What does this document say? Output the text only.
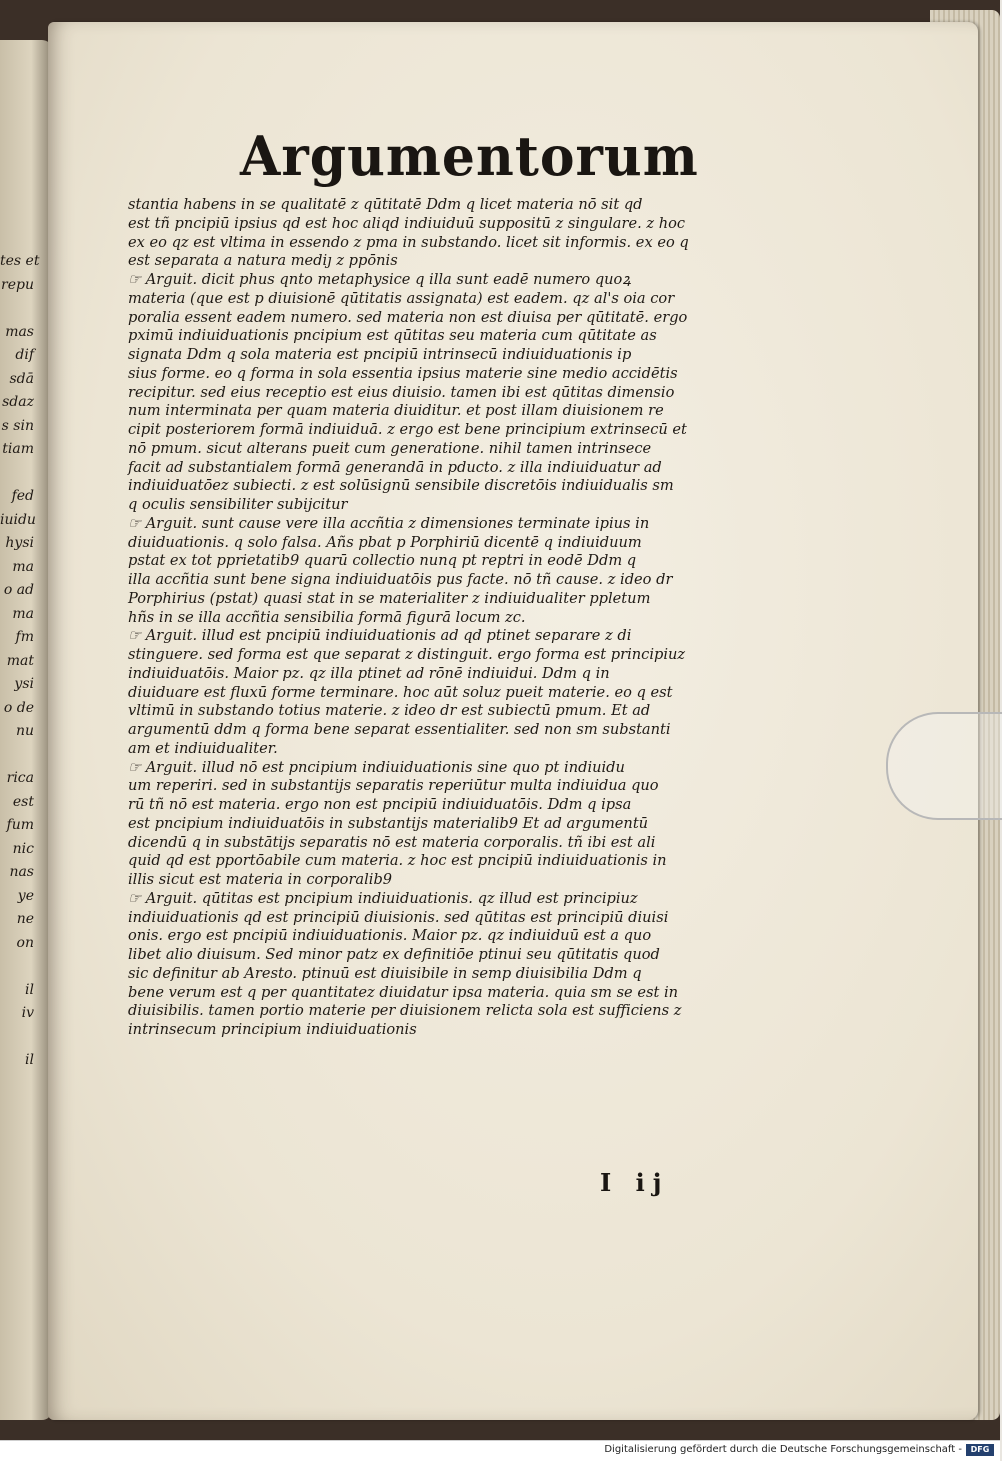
tes et
repu

mas
dif
sdā
sdaz
s sin
tiam

fed
iuidu
hysi
ma
o ad
ma
fm
mat
ysi
o de
nu

rica
est
fum
nic
nas
ye
ne
on

il
iv

il

Argumentorum
stantia habens in se qualitatē z qūtitatē Ddm q licet materia nō sit qd
est tñ pncipiū ipsius qd est hoc aliqd indiuiduū suppositū z singulare. z hoc
ex eo qz est vltima in essendo z pma in substando. licet sit informis. ex eo q
est separata a natura mediȷ z ppōnis
☞ Arguit. dicit phus qnto metaphysice q illa sunt eadē numero quoꝝ
materia (que est p diuisionē qūtitatis assignata) est eadem. qz al's oia cor
poralia essent eadem numero. sed materia non est diuisa per qūtitatē. ergo
pximū indiuiduationis pncipium est qūtitas seu materia cum qūtitate as
signata Ddm q sola materia est pncipiū intrinsecū indiuiduationis ip
sius forme. eo q forma in sola essentia ipsius materie sine medio accidētis
recipitur. sed eius receptio est eius diuisio. tamen ibi est qūtitas dimensio
num interminata per quam materia diuiditur. et post illam diuisionem re
cipit posteriorem formā indiuiduā. z ergo est bene principium extrinsecū et
nō pmum. sicut alterans pueit cum generatione. nihil tamen intrinsece
facit ad substantialem formā generandā in pducto. z illa indiuiduatur ad
indiuiduatōez subiecti. z est solūsignū sensibile discretōis indiuidualis sm
q oculis sensibiliter subijcitur
☞ Arguit. sunt cause vere illa accñtia z dimensiones terminate ipius in
diuiduationis. q solo falsa. Añs pbat p Porphiriū dicentē q indiuiduum
pstat ex tot pprietatib9 quarū collectio nunq pt reptri in eodē Ddm q
illa accñtia sunt bene signa indiuiduatōis pus facte. nō tñ cause. z ideo dr
Porphirius (pstat) quasi stat in se materialiter z indiuidualiter ppletum
hñs in se illa accñtia sensibilia formā figurā locum zc.
☞ Arguit. illud est pncipiū indiuiduationis ad qd ptinet separare z di
stinguere. sed forma est que separat z distinguit. ergo forma est principiuz
indiuiduatōis. Maior pz. qz illa ptinet ad rōnē indiuidui. Ddm q in
diuiduare est fluxū forme terminare. hoc aūt soluz pueit materie. eo q est
vltimū in substando totius materie. z ideo dr est subiectū pmum. Et ad
argumentū ddm q forma bene separat essentialiter. sed non sm substanti
am et indiuidualiter.
☞ Arguit. illud nō est pncipium indiuiduationis sine quo pt indiuidu
um reperiri. sed in substantijs separatis reperiūtur multa indiuidua quo
rū tñ nō est materia. ergo non est pncipiū indiuiduatōis. Ddm q ipsa
est pncipium indiuiduatōis in substantijs materialib9 Et ad argumentū
dicendū q in substātijs separatis nō est materia corporalis. tñ ibi est ali
quid qd est pportōabile cum materia. z hoc est pncipiū indiuiduationis in
illis sicut est materia in corporalib9
☞ Arguit. qūtitas est pncipium indiuiduationis. qz illud est principiuz
indiuiduationis qd est principiū diuisionis. sed qūtitas est principiū diuisi
onis. ergo est pncipiū indiuiduationis. Maior pz. qz indiuiduū est a quo
libet alio diuisum. Sed minor patz ex definitiōe ptinui seu qūtitatis quod
sic definitur ab Aresto. ptinuū est diuisibile in semp diuisibilia Ddm q
bene verum est q per quantitatez diuidatur ipsa materia. quia sm se est in
diuisibilis. tamen portio materie per diuisionem relicta sola est sufficiens z
intrinsecum principium indiuiduationis
I ij
Digitalisierung gefördert durch die Deutsche Forschungsgemeinschaft -	DFG
